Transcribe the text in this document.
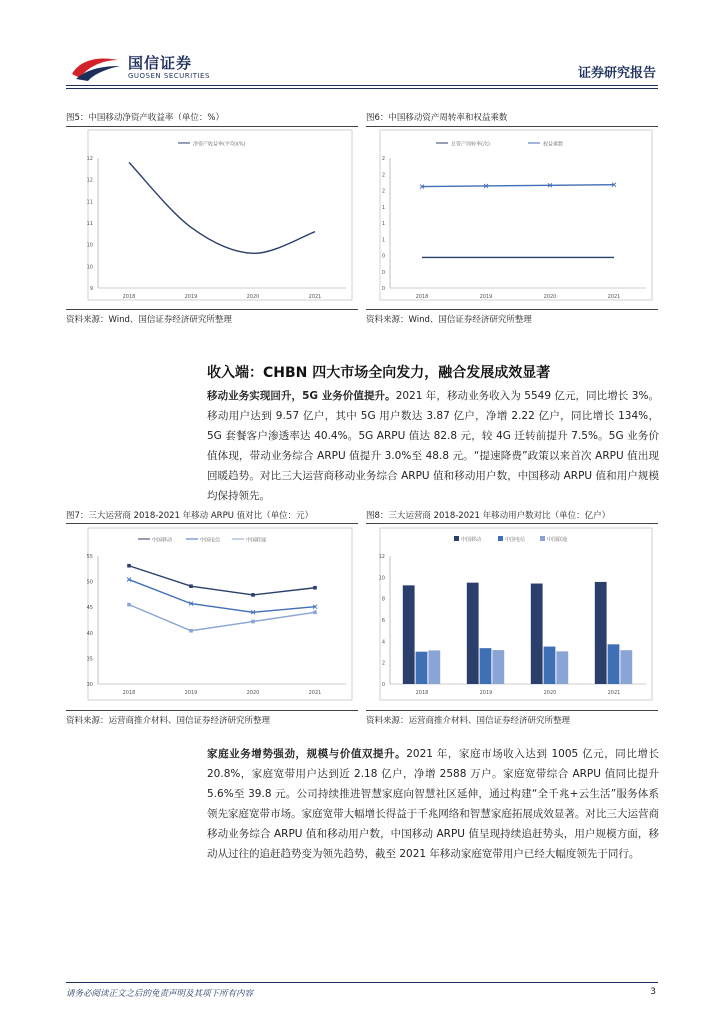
国信证券
GUOSEN SECURITIES	证券研究报告
图5：中国移动净资产收益率（单位：%）
净资产收益率(平均)(%)
12
12
11
11
10
10
9
2018	2019	2020	2021
资料来源：Wind、国信证券经济研究所整理
图6：中国移动资产周转率和权益乘数
总资产周转率(次)	权益乘数
2
2
2
1
1
1
0
0
0
2018	2019	2020	2021
资料来源：Wind、国信证券经济研究所整理
收入端：CHBN 四大市场全向发力，融合发展成效显著
移动业务实现回升，5G 业务价值提升。2021 年，移动业务收入为 5549 亿元，同比增长 3%。移动用户达到 9.57 亿户，其中 5G 用户数达 3.87 亿户，净增 2.22 亿户，同比增长 134%，5G 套餐客户渗透率达 40.4%。5G ARPU 值达 82.8 元，较 4G 迁转前提升 7.5%。5G 业务价值体现，带动业务综合 ARPU 值提升 3.0%至 48.8 元。“提速降费”政策以来首次 ARPU 值出现回暖趋势。对比三大运营商移动业务综合 ARPU 值和移动用户数，中国移动 ARPU 值和用户规模均保持领先。
图7：三大运营商 2018-2021 年移动 ARPU 值对比（单位：元）
中国移动	中国电信	中国联通
55
50
45
40
35
30
2018	2019	2020	2021
资料来源：运营商推介材料、国信证券经济研究所整理
图8：三大运营商 2018-2021 年移动用户数对比（单位：亿户）
中国移动	中国电信	中国联通
12
10
8
6
4
2
0
2018	2019	2020	2021
资料来源：运营商推介材料、国信证券经济研究所整理
家庭业务增势强劲，规模与价值双提升。2021 年，家庭市场收入达到 1005 亿元，同比增长 20.8%，家庭宽带用户达到近 2.18 亿户，净增 2588 万户。家庭宽带综合 ARPU 值同比提升 5.6%至 39.8 元。公司持续推进智慧家庭向智慧社区延伸，通过构建“全千兆+云生活”服务体系领先家庭宽带市场。家庭宽带大幅增长得益于千兆网络和智慧家庭拓展成效显著。对比三大运营商移动业务综合 ARPU 值和移动用户数，中国移动 ARPU 值呈现持续追赶势头，用户规模方面，移动从过往的追赶趋势变为领先趋势，截至 2021 年移动家庭宽带用户已经大幅度领先于同行。
请务必阅读正文之后的免责声明及其项下所有内容	3
